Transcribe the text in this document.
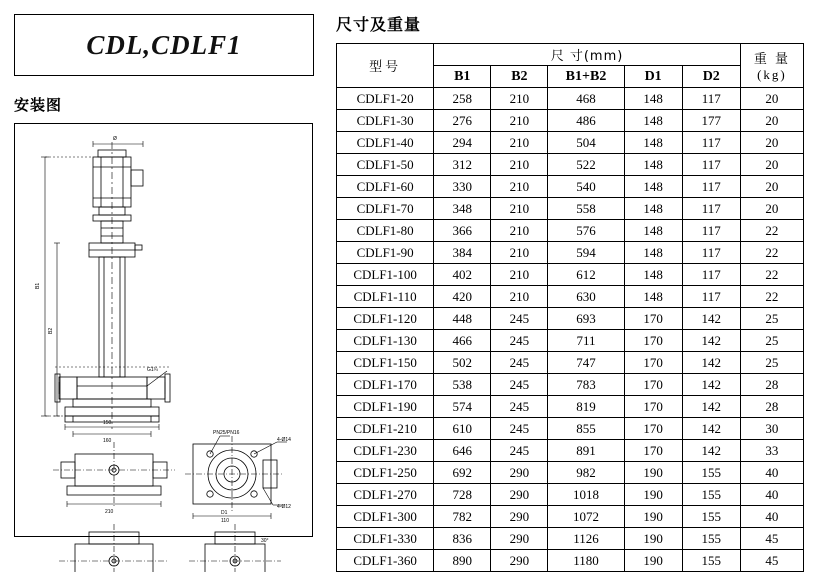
CDL,CDLF1
安装图
Ø
B1
B2
160
150
G1¼
PN25/PN16
4-Ø14
4-Ø12
D1
110
210
30°
尺寸及重量
型号	尺 寸(mm)					重 量
(kg)

	B1	B2	B1+B2	D1	D2	
CDLF1-20	258	210	468	148	117	20
CDLF1-30	276	210	486	148	177	20
CDLF1-40	294	210	504	148	117	20
CDLF1-50	312	210	522	148	117	20
CDLF1-60	330	210	540	148	117	20
CDLF1-70	348	210	558	148	117	20
CDLF1-80	366	210	576	148	117	22
CDLF1-90	384	210	594	148	117	22
CDLF1-100	402	210	612	148	117	22
CDLF1-110	420	210	630	148	117	22
CDLF1-120	448	245	693	170	142	25
CDLF1-130	466	245	711	170	142	25
CDLF1-150	502	245	747	170	142	25
CDLF1-170	538	245	783	170	142	28
CDLF1-190	574	245	819	170	142	28
CDLF1-210	610	245	855	170	142	30
CDLF1-230	646	245	891	170	142	33
CDLF1-250	692	290	982	190	155	40
CDLF1-270	728	290	1018	190	155	40
CDLF1-300	782	290	1072	190	155	40
CDLF1-330	836	290	1126	190	155	45
CDLF1-360	890	290	1180	190	155	45
